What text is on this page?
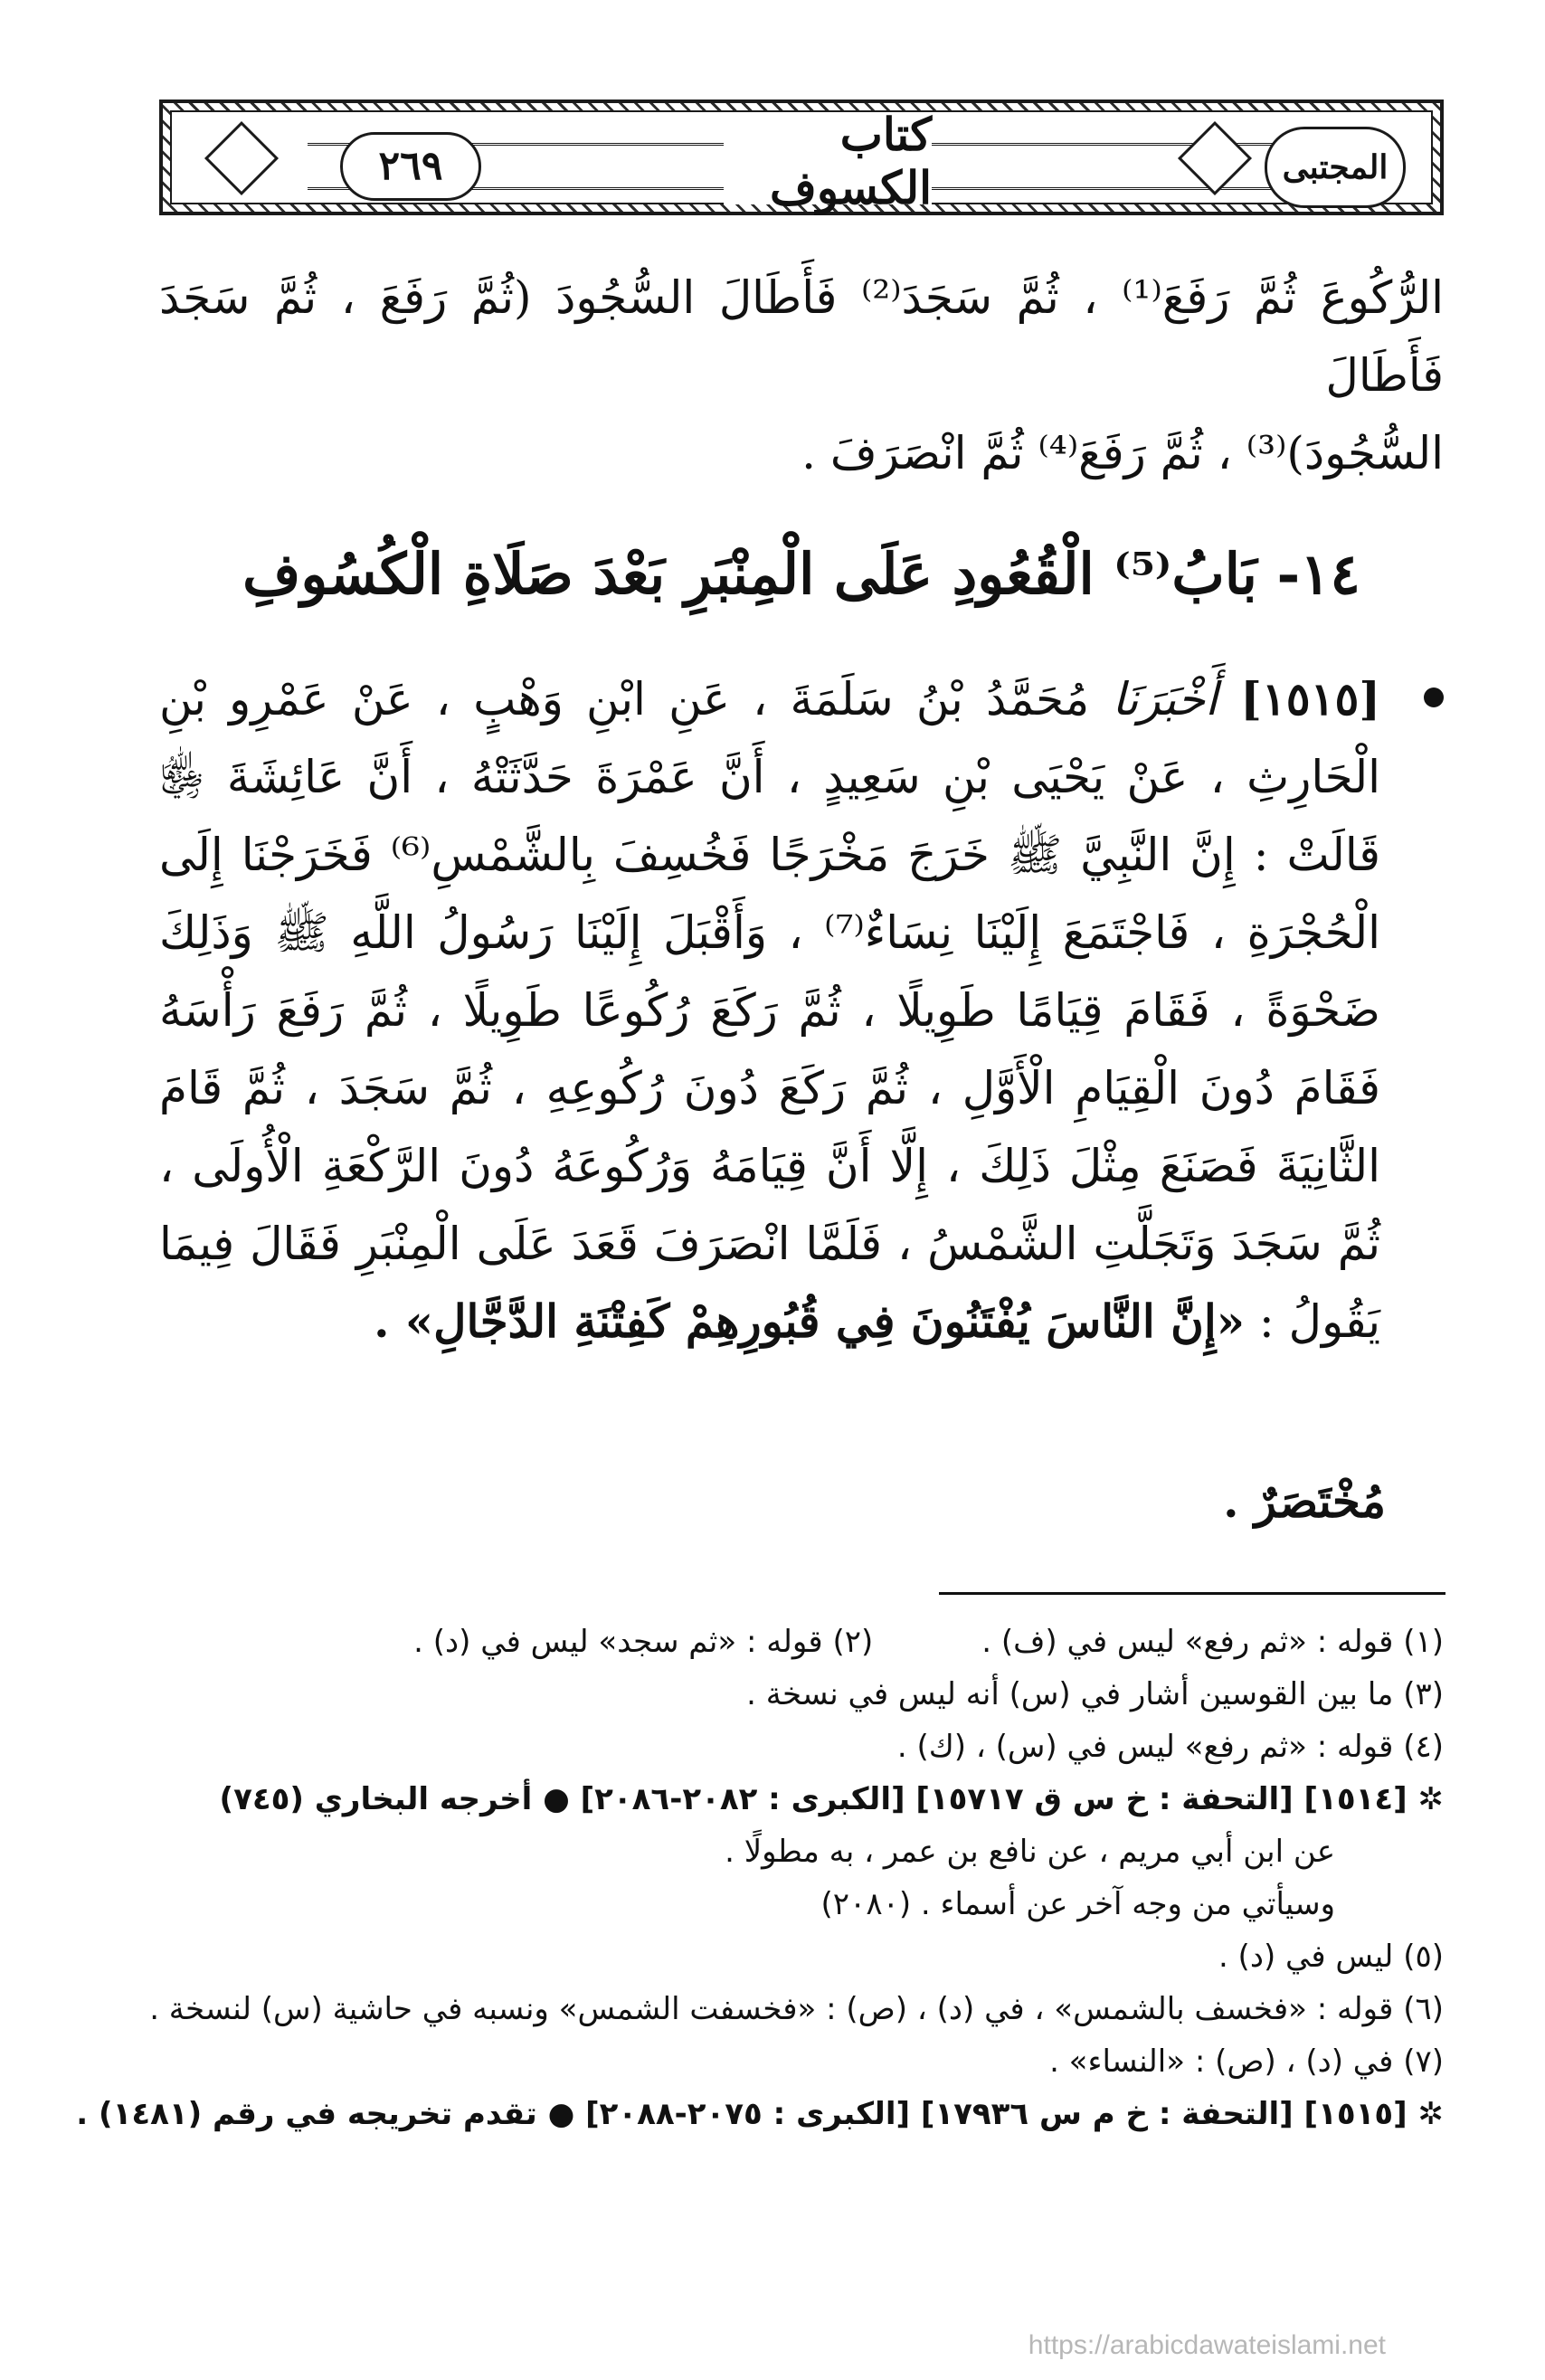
٢٦٩
كتاب الكسوف	المجتبى
الرُّكُوعَ ثُمَّ رَفَعَ⁽¹⁾ ، ثُمَّ سَجَدَ⁽²⁾ فَأَطَالَ السُّجُودَ (ثُمَّ رَفَعَ ، ثُمَّ سَجَدَ فَأَطَالَ
السُّجُودَ)⁽³⁾ ، ثُمَّ رَفَعَ⁽⁴⁾ ثُمَّ انْصَرَفَ .
١٤- بَابُ⁽⁵⁾ الْقُعُودِ عَلَى الْمِنْبَرِ بَعْدَ صَلَاةِ الْكُسُوفِ
[١٥١٥] أَخْبَرَنَا مُحَمَّدُ بْنُ سَلَمَةَ ، عَنِ ابْنِ وَهْبٍ ، عَنْ عَمْرِو بْنِ الْحَارِثِ ، عَنْ يَحْيَى بْنِ سَعِيدٍ ، أَنَّ عَمْرَةَ حَدَّثَتْهُ ، أَنَّ عَائِشَةَ ﵂ قَالَتْ : إِنَّ النَّبِيَّ ﷺ خَرَجَ مَخْرَجًا فَخُسِفَ بِالشَّمْسِ⁽⁶⁾ فَخَرَجْنَا إِلَى الْحُجْرَةِ ، فَاجْتَمَعَ إِلَيْنَا نِسَاءٌ⁽⁷⁾ ، وَأَقْبَلَ إِلَيْنَا رَسُولُ اللَّهِ ﷺ وَذَلِكَ ضَحْوَةً ، فَقَامَ قِيَامًا طَوِيلًا ، ثُمَّ رَكَعَ رُكُوعًا طَوِيلًا ، ثُمَّ رَفَعَ رَأْسَهُ فَقَامَ دُونَ الْقِيَامِ الْأَوَّلِ ، ثُمَّ رَكَعَ دُونَ رُكُوعِهِ ، ثُمَّ سَجَدَ ، ثُمَّ قَامَ الثَّانِيَةَ فَصَنَعَ مِثْلَ ذَلِكَ ، إِلَّا أَنَّ قِيَامَهُ وَرُكُوعَهُ دُونَ الرَّكْعَةِ الْأُولَى ، ثُمَّ سَجَدَ وَتَجَلَّتِ الشَّمْسُ ، فَلَمَّا انْصَرَفَ قَعَدَ عَلَى الْمِنْبَرِ فَقَالَ فِيمَا يَقُولُ : «إِنَّ النَّاسَ يُفْتَنُونَ فِي قُبُورِهِمْ كَفِتْنَةِ الدَّجَّالِ» .
مُخْتَصَرٌ .
(١) قوله : «ثم رفع» ليس في (ف) .
(٢) قوله : «ثم سجد» ليس في (د) .
(٣) ما بين القوسين أشار في (س) أنه ليس في نسخة .
(٤) قوله : «ثم رفع» ليس في (س) ، (ك) .
✲ [١٥١٤] [التحفة : خ س ق ١٥٧١٧] [الكبرى : ٢٠٨٢-٢٠٨٦] ● أخرجه البخاري (٧٤٥)
عن ابن أبي مريم ، عن نافع بن عمر ، به مطولًا .
وسيأتي من وجه آخر عن أسماء . (٢٠٨٠)
(٥) ليس في (د) .
(٦) قوله : «فخسف بالشمس» ، في (د) ، (ص) : «فخسفت الشمس» ونسبه في حاشية (س) لنسخة .
(٧) في (د) ، (ص) : «النساء» .
✲ [١٥١٥] [التحفة : خ م س ١٧٩٣٦] [الكبرى : ٢٠٧٥-٢٠٨٨] ● تقدم تخريجه في رقم (١٤٨١) .
https://arabicdawateislami.net
